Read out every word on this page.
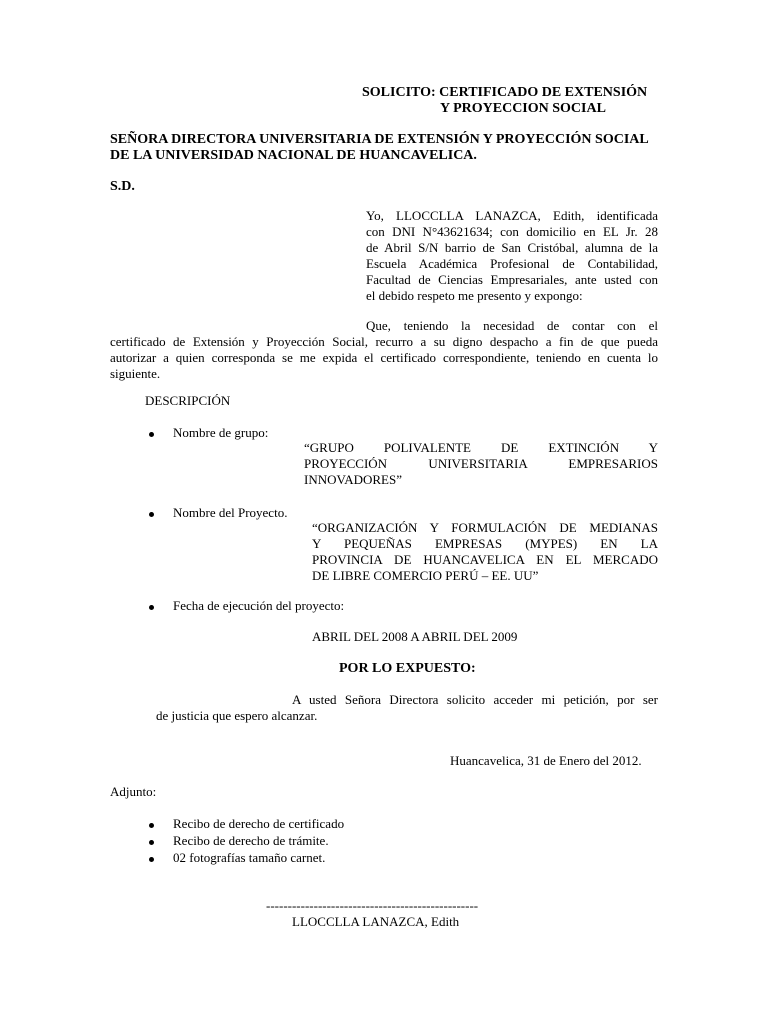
SOLICITO: CERTIFICADO DE EXTENSIÓN
Y PROYECCION SOCIAL
SEÑORA DIRECTORA UNIVERSITARIA DE EXTENSIÓN Y PROYECCIÓN SOCIAL
DE LA UNIVERSIDAD NACIONAL DE HUANCAVELICA.
S.D.
Yo, LLOCCLLA LANAZCA, Edith, identificada
con DNI N°43621634; con domicilio en EL Jr. 28
de Abril S/N barrio de San Cristóbal, alumna de la
Escuela Académica Profesional de Contabilidad,
Facultad de Ciencias Empresariales, ante usted con
el debido respeto me presento y expongo:
Que, teniendo la necesidad de contar con el
certificado de Extensión y Proyección Social, recurro a su digno despacho a fin de que pueda
autorizar a quien corresponda se me expida el certificado correspondiente, teniendo en cuenta lo
siguiente.
DESCRIPCIÓN
Nombre de grupo:
“GRUPO POLIVALENTE DE EXTINCIÓN Y
PROYECCIÓN UNIVERSITARIA EMPRESARIOS
INNOVADORES”
Nombre del Proyecto.
“ORGANIZACIÓN Y FORMULACIÓN DE MEDIANAS
Y PEQUEÑAS EMPRESAS (MYPES) EN LA
PROVINCIA DE HUANCAVELICA EN EL MERCADO
DE LIBRE COMERCIO PERÚ – EE. UU”
Fecha de ejecución del proyecto:
ABRIL DEL 2008 A ABRIL DEL 2009
POR LO EXPUESTO:
A usted Señora Directora solicito acceder mi petición, por ser
de justicia que espero alcanzar.
Huancavelica, 31 de Enero del 2012.
Adjunto:
Recibo de derecho de certificado
Recibo de derecho de trámite.
02 fotografías tamaño carnet.
-------------------------------------------------
LLOCCLLA LANAZCA, Edith
